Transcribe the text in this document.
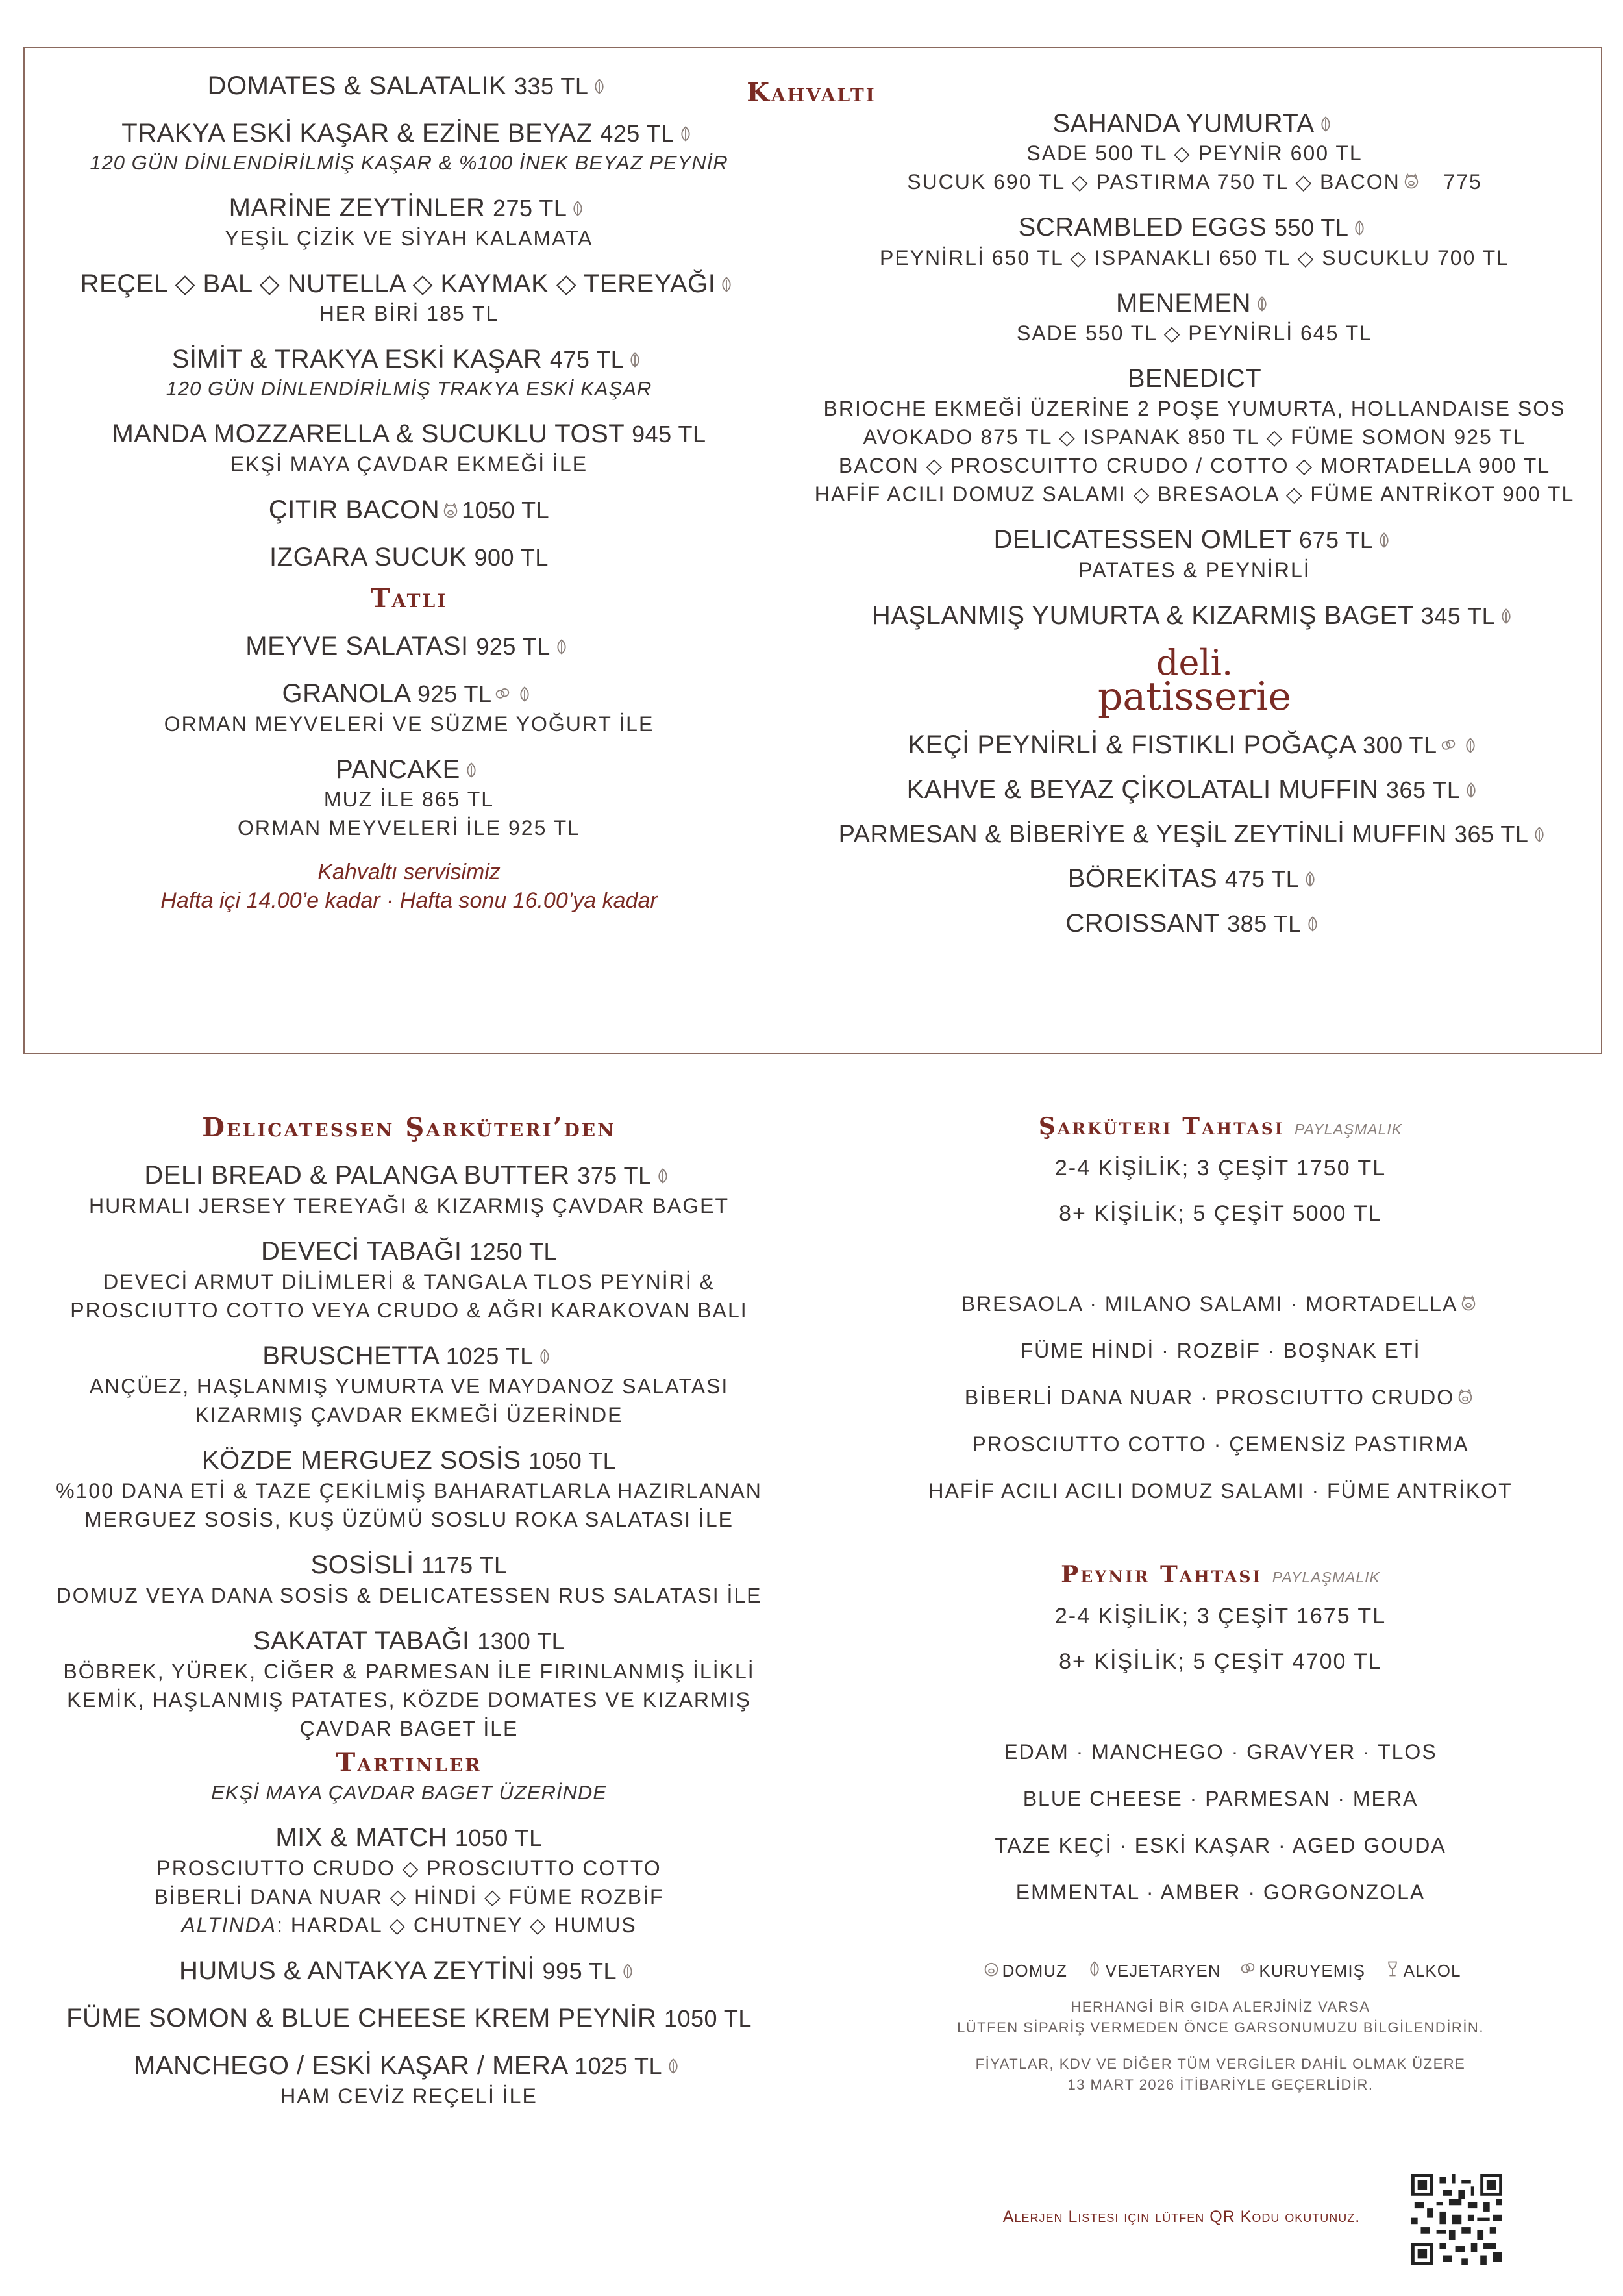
DOMATES & SALATALIK 335 TL
TRAKYA ESKİ KAŞAR & EZİNE BEYAZ 425 TL
120 GÜN DİNLENDİRİLMİŞ KAŞAR & %100 İNEK BEYAZ PEYNİR
MARİNE ZEYTİNLER 275 TL
YEŞİL ÇİZİK VE SİYAH KALAMATA
REÇEL ◇ BAL ◇ NUTELLA ◇ KAYMAK ◇ TEREYAĞI
HER BİRİ 185 TL
SİMİT & TRAKYA ESKİ KAŞAR 475 TL
120 GÜN DİNLENDİRİLMİŞ TRAKYA ESKİ KAŞAR
MANDA MOZZARELLA & SUCUKLU TOST 945 TL
EKŞİ MAYA ÇAVDAR EKMEĞİ İLE
ÇITIR BACON 1050 TL
IZGARA SUCUK 900 TL
Tatlı
MEYVE SALATASI 925 TL
GRANOLA 925 TL
ORMAN MEYVELERİ VE SÜZME YOĞURT İLE
PANCAKE
MUZ İLE 865 TL
ORMAN MEYVELERİ İLE 925 TL
Kahvaltı servisimiz
Hafta içi 14.00’e kadar · Hafta sonu 16.00’ya kadar
Kahvaltı
SAHANDA YUMURTA
SADE 500 TL ◇ PEYNİR 600 TL
SUCUK 690 TL ◇ PASTIRMA 750 TL ◇ BACON 775
SCRAMBLED EGGS 550 TL
PEYNİRLİ 650 TL ◇ ISPANAKLI 650 TL ◇ SUCUKLU 700 TL
MENEMEN
SADE 550 TL ◇ PEYNİRLİ 645 TL
BENEDICT
BRIOCHE EKMEĞİ ÜZERİNE 2 POŞE YUMURTA, HOLLANDAISE SOS
AVOKADO 875 TL ◇ ISPANAK 850 TL ◇ FÜME SOMON 925 TL
BACON ◇ PROSCUITTO CRUDO / COTTO ◇ MORTADELLA 900 TL
HAFİF ACILI DOMUZ SALAMI ◇ BRESAOLA ◇ FÜME ANTRİKOT 900 TL
DELICATESSEN OMLET 675 TL
PATATES & PEYNİRLİ
HAŞLANMIŞ YUMURTA & KIZARMIŞ BAGET 345 TL
deli.
patisserie
KEÇİ PEYNİRLİ & FISTIKLI POĞAÇA 300 TL
KAHVE & BEYAZ ÇİKOLATALI MUFFIN 365 TL
PARMESAN & BİBERİYE & YEŞİL ZEYTİNLİ MUFFIN 365 TL
BÖREKİTAS 475 TL
CROISSANT 385 TL
Delicatessen Şarküteri’den
DELI BREAD & PALANGA BUTTER 375 TL
HURMALI JERSEY TEREYAĞI & KIZARMIŞ ÇAVDAR BAGET
DEVECİ TABAĞI 1250 TL
DEVECİ ARMUT DİLİMLERİ & TANGALA TLOS PEYNİRİ &
PROSCIUTTO COTTO VEYA CRUDO & AĞRI KARAKOVAN BALI
BRUSCHETTA 1025 TL
ANÇÜEZ, HAŞLANMIŞ YUMURTA VE MAYDANOZ SALATASI
KIZARMIŞ ÇAVDAR EKMEĞİ ÜZERİNDE
KÖZDE MERGUEZ SOSİS 1050 TL
%100 DANA ETİ & TAZE ÇEKİLMİŞ BAHARATLARLA HAZIRLANAN
MERGUEZ SOSİS, KUŞ ÜZÜMÜ SOSLU ROKA SALATASI İLE
SOSİSLİ 1175 TL
DOMUZ VEYA DANA SOSİS & DELICATESSEN RUS SALATASI İLE
SAKATAT TABAĞI 1300 TL
BÖBREK, YÜREK, CİĞER & PARMESAN İLE FIRINLANMIŞ İLİKLİ
KEMİK, HAŞLANMIŞ PATATES, KÖZDE DOMATES VE KIZARMIŞ
ÇAVDAR BAGET İLE
Tartinler
EKŞİ MAYA ÇAVDAR BAGET ÜZERİNDE
MIX & MATCH 1050 TL
PROSCIUTTO CRUDO ◇ PROSCIUTTO COTTO
BİBERLİ DANA NUAR ◇ HİNDİ ◇ FÜME ROZBİF
ALTINDA: HARDAL ◇ CHUTNEY ◇ HUMUS
HUMUS & ANTAKYA ZEYTİNİ 995 TL
FÜME SOMON & BLUE CHEESE KREM PEYNİR 1050 TL
MANCHEGO / ESKİ KAŞAR / MERA 1025 TL
HAM CEVİZ REÇELİ İLE
Şarküteri Tahtası PAYLAŞMALIK
2-4 KİŞİLİK; 3 ÇEŞİT 1750 TL
8+ KİŞİLİK; 5 ÇEŞİT 5000 TL
BRESAOLA · MILANO SALAMI · MORTADELLA
FÜME HİNDİ · ROZBİF · BOŞNAK ETİ
BİBERLİ DANA NUAR · PROSCIUTTO CRUDO
PROSCIUTTO COTTO · ÇEMENSİZ PASTIRMA
HAFİF ACILI ACILI DOMUZ SALAMI · FÜME ANTRİKOT
Peynir Tahtası PAYLAŞMALIK
2-4 KİŞİLİK; 3 ÇEŞİT 1675 TL
8+ KİŞİLİK; 5 ÇEŞİT 4700 TL
EDAM · MANCHEGO · GRAVYER · TLOS
BLUE CHEESE · PARMESAN · MERA
TAZE KEÇİ · ESKİ KAŞAR · AGED GOUDA
EMMENTAL · AMBER · GORGONZOLA
DOMUZ VEJETARYEN KURUYEMIŞ ALKOL
HERHANGİ BİR GIDA ALERJİNİZ VARSA
LÜTFEN SİPARİŞ VERMEDEN ÖNCE GARSONUMUZU BİLGİLENDİRİN.
FİYATLAR, KDV VE DİĞER TÜM VERGİLER DAHİL OLMAK ÜZERE
13 MART 2026 İTİBARİYLE GEÇERLİDİR.
Alerjen Listesi için lütfen QR Kodu okutunuz.
